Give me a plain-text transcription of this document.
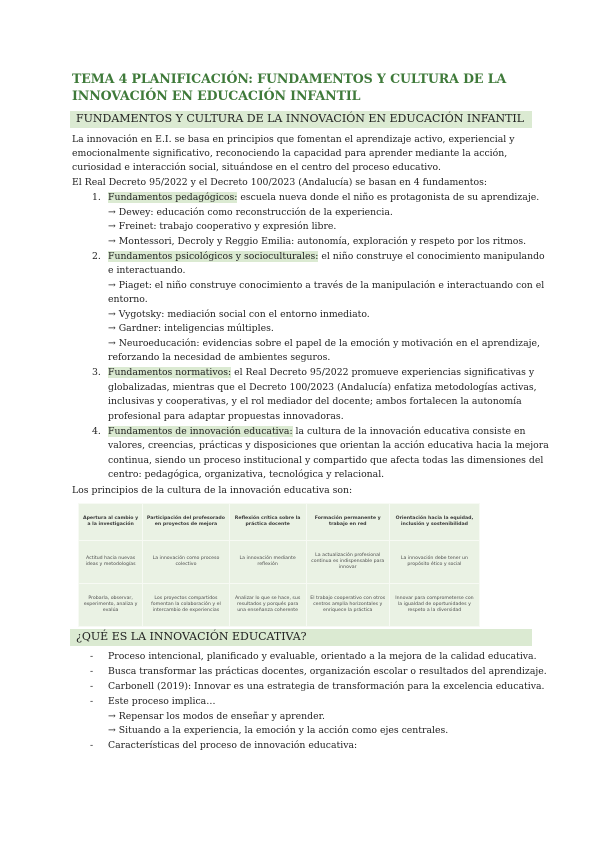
TEMA 4 PLANIFICACIÓN: FUNDAMENTOS Y CULTURA DE LA INNOVACIÓN EN EDUCACIÓN INFANTIL
FUNDAMENTOS Y CULTURA DE LA INNOVACIÓN EN EDUCACIÓN INFANTIL
La innovación en E.I. se basa en principios que fomentan el aprendizaje activo, experiencial y
emocionalmente significativo, reconociendo la capacidad para aprender mediante la acción,
curiosidad e interacción social, situándose en el centro del proceso educativo.
El Real Decreto 95/2022 y el Decreto 100/2023 (Andalucía) se basan en 4 fundamentos:
1. Fundamentos pedagógicos: escuela nueva donde el niño es protagonista de su aprendizaje.
→ Dewey: educación como reconstrucción de la experiencia.
→ Freinet: trabajo cooperativo y expresión libre.
→ Montessori, Decroly y Reggio Emilia: autonomía, exploración y respeto por los ritmos.
2. Fundamentos psicológicos y socioculturales: el niño construye el conocimiento manipulando
e interactuando.
→ Piaget: el niño construye conocimiento a través de la manipulación e interactuando con el
entorno.
→ Vygotsky: mediación social con el entorno inmediato.
→ Gardner: inteligencias múltiples.
→ Neuroeducación: evidencias sobre el papel de la emoción y motivación en el aprendizaje,
reforzando la necesidad de ambientes seguros.
3. Fundamentos normativos: el Real Decreto 95/2022 promueve experiencias significativas y
globalizadas, mientras que el Decreto 100/2023 (Andalucía) enfatiza metodologías activas,
inclusivas y cooperativas, y el rol mediador del docente; ambos fortalecen la autonomía
profesional para adaptar propuestas innovadoras.
4. Fundamentos de innovación educativa: la cultura de la innovación educativa consiste en
valores, creencias, prácticas y disposiciones que orientan la acción educativa hacia la mejora
continua, siendo un proceso institucional y compartido que afecta todas las dimensiones del
centro: pedagógica, organizativa, tecnológica y relacional.
Los principios de la cultura de la innovación educativa son:
Apertura al cambio y a la investigación	Participación del profesorado en proyectos de mejora	Reflexión crítica sobre la práctica docente	Formación permanente y trabajo en red	Orientación hacia la equidad, inclusión y sostenibilidad
Actitud hacia nuevas ideas y metodologías	La innovación como proceso colectivo	La innovación mediante reflexión	La actualización profesional continua es indispensable para innovar	La innovación debe tener un propósito ético y social
Probarla, observar, experimento, analiza y evalúa	Los proyectos compartidos fomentan la colaboración y el intercambio de experiencias	Analizar lo que se hace, sus resultados y porqués para una enseñanza coherente	El trabajo cooperativo con otros centros amplía horizontales y enriquece la práctica	Innovar para comprometerse con la igualdad de oportunidades y respeto a la diversidad
¿QUÉ ES LA INNOVACIÓN EDUCATIVA?
- Proceso intencional, planificado y evaluable, orientado a la mejora de la calidad educativa.
- Busca transformar las prácticas docentes, organización escolar o resultados del aprendizaje.
- Carbonell (2019): Innovar es una estrategia de transformación para la excelencia educativa.
- Este proceso implica…
→ Repensar los modos de enseñar y aprender.
→ Situando a la experiencia, la emoción y la acción como ejes centrales.
- Características del proceso de innovación educativa:
